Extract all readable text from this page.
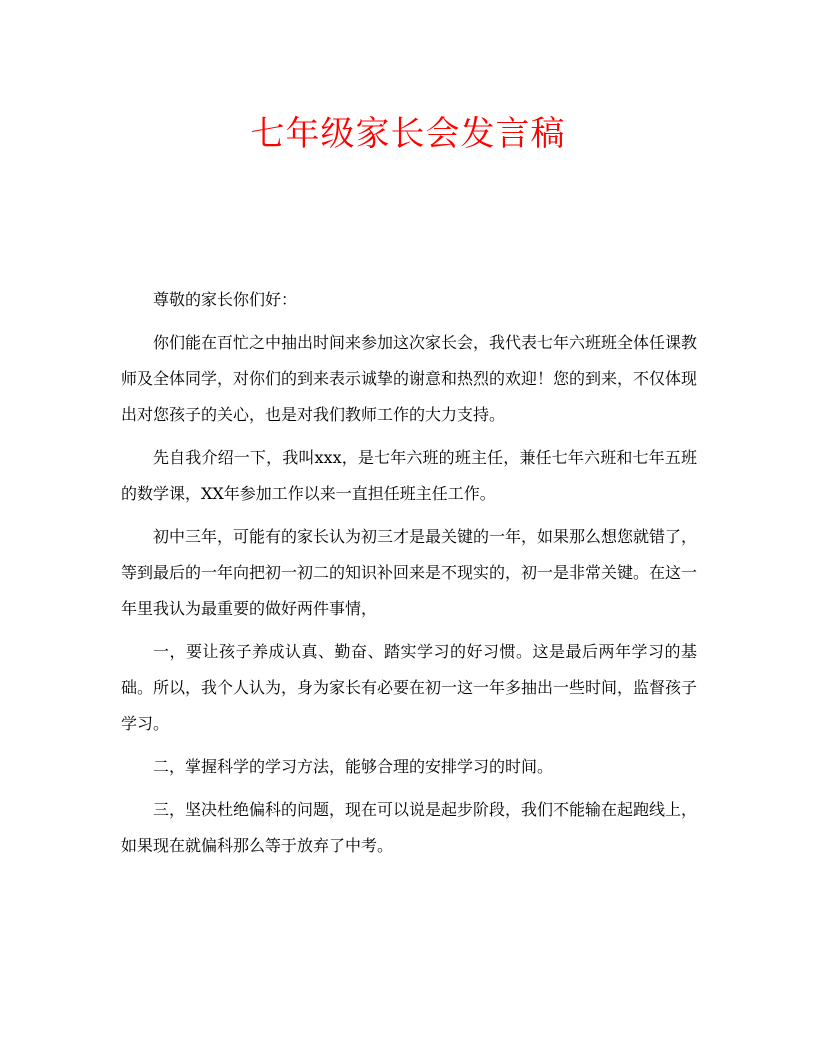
七年级家长会发言稿

尊敬的家长你们好：

你们能在百忙之中抽出时间来参加这次家长会，我代表七年六班班全体任课教师及全体同学，对你们的到来表示诚挚的谢意和热烈的欢迎！您的到来，不仅体现出对您孩子的关心，也是对我们教师工作的大力支持。

先自我介绍一下，我叫xxx，是七年六班的班主任，兼任七年六班和七年五班的数学课，XX年参加工作以来一直担任班主任工作。

初中三年，可能有的家长认为初三才是最关键的一年，如果那么想您就错了，等到最后的一年向把初一初二的知识补回来是不现实的，初一是非常关键。在这一年里我认为最重要的做好两件事情，

一，要让孩子养成认真、勤奋、踏实学习的好习惯。这是最后两年学习的基础。所以，我个人认为，身为家长有必要在初一这一年多抽出一些时间，监督孩子学习。

二，掌握科学的学习方法，能够合理的安排学习的时间。

三，坚决杜绝偏科的问题，现在可以说是起步阶段，我们不能输在起跑线上，如果现在就偏科那么等于放弃了中考。
